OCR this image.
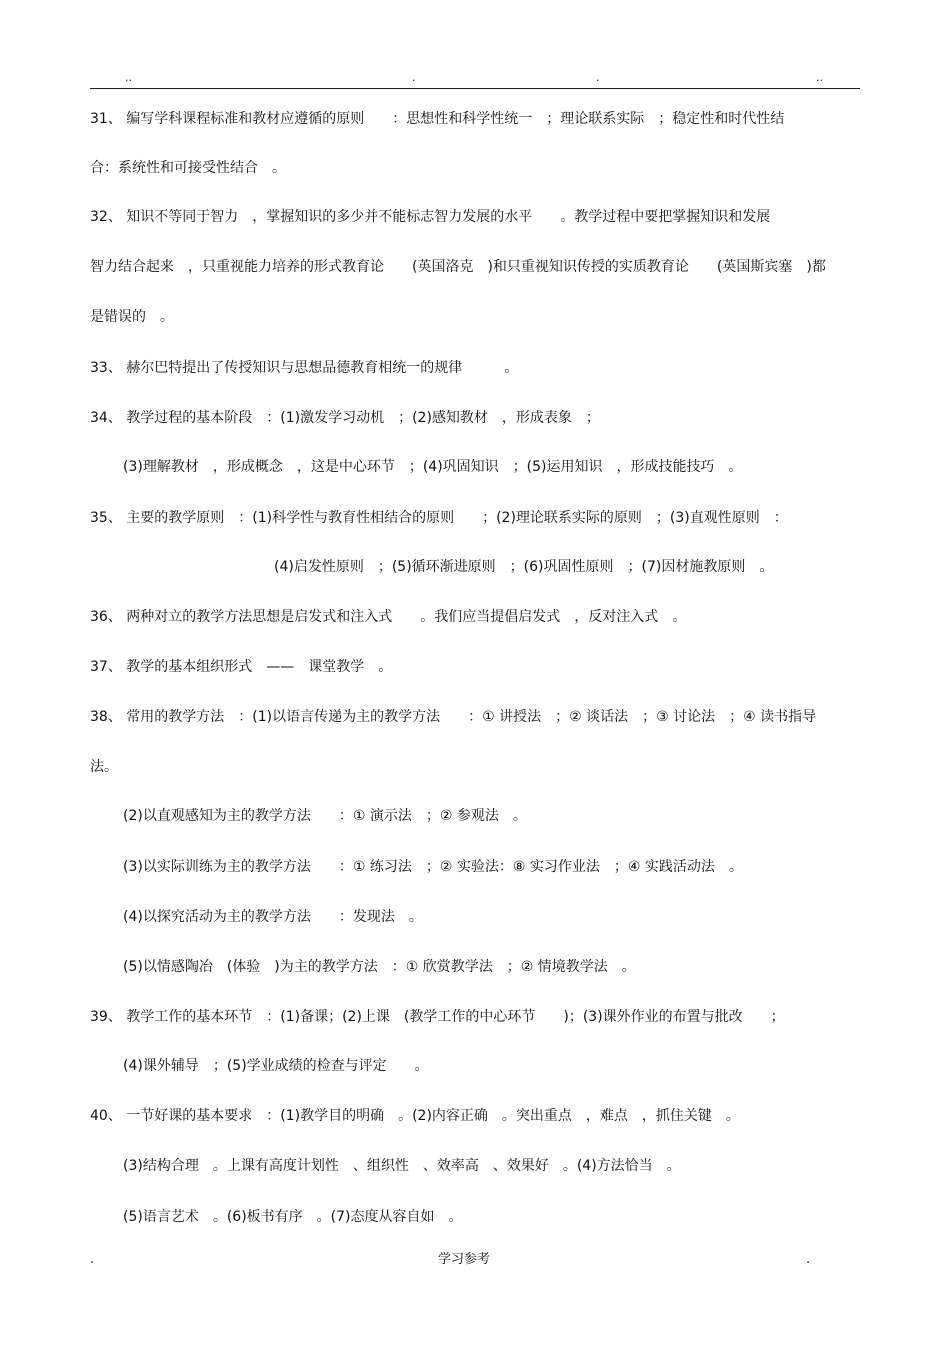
..	.	.	..
31、 编写学科课程标准和教材应遵循的原则　　：思想性和科学性统一　；理论联系实际　；稳定性和时代性结
合：系统性和可接受性结合　。
32、 知识不等同于智力　，掌握知识的多少并不能标志智力发展的水平　　。教学过程中要把掌握知识和发展
智力结合起来　，只重视能力培养的形式教育论　　(英国洛克　)和只重视知识传授的实质教育论　　(英国斯宾塞　)都
是错误的　。
33、 赫尔巴特提出了传授知识与思想品德教育相统一的规律　　　。
34、 教学过程的基本阶段　：(1)激发学习动机　；(2)感知教材　，形成表象　；
(3)理解教材　，形成概念　，这是中心环节　；(4)巩固知识　；(5)运用知识　，形成技能技巧　。
35、 主要的教学原则　：(1)科学性与教育性相结合的原则　　；(2)理论联系实际的原则　；(3)直观性原则　：
(4)启发性原则　；(5)循环渐进原则　；(6)巩固性原则　；(7)因材施教原则　。
36、 两种对立的教学方法思想是启发式和注入式　　。我们应当提倡启发式　，反对注入式　。
37、 教学的基本组织形式　——　课堂教学　。
38、 常用的教学方法　：(1)以语言传递为主的教学方法　　：① 讲授法　；② 谈话法　；③ 讨论法　；④ 读书指导
法。
(2)以直观感知为主的教学方法　　：① 演示法　；② 参观法　。
(3)以实际训练为主的教学方法　　：① 练习法　；② 实验法：⑧ 实习作业法　；④ 实践活动法　。
(4)以探究活动为主的教学方法　　：发现法　。
(5)以情感陶冶　(体验　)为主的教学方法　：① 欣赏教学法　；② 情境教学法　。
39、 教学工作的基本环节　：(1)备课；(2)上课　(教学工作的中心环节　　)；(3)课外作业的布置与批改　　；
(4)课外辅导　；(5)学业成绩的检查与评定　　。
40、 一节好课的基本要求　：(1)教学目的明确　。(2)内容正确　。突出重点　，难点　，抓住关键　。
(3)结构合理　。上课有高度计划性　、组织性　、效率高　、效果好　。(4)方法恰当　。
(5)语言艺术　。(6)板书有序　。(7)态度从容自如　。
.	学习参考	.
